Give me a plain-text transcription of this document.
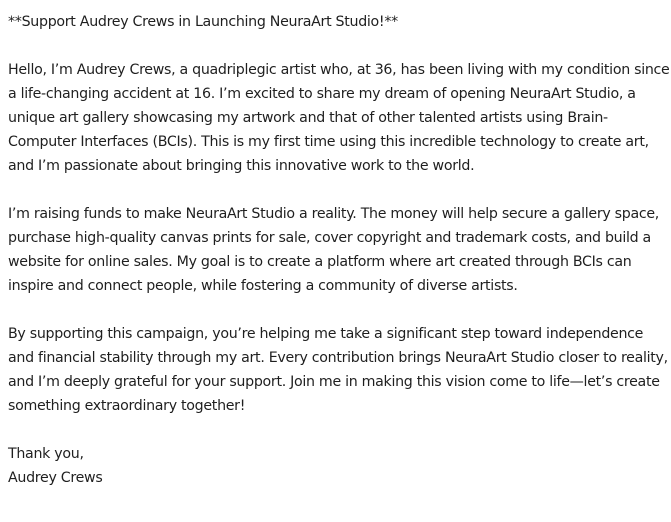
**Support Audrey Crews in Launching NeuraArt Studio!**

Hello, I’m Audrey Crews, a quadriplegic artist who, at 36, has been living with my condition since a life-changing accident at 16. I’m excited to share my dream of opening NeuraArt Studio, a unique art gallery showcasing my artwork and that of other talented artists using Brain-Computer Interfaces (BCIs). This is my first time using this incredible technology to create art, and I’m passionate about bringing this innovative work to the world.

I’m raising funds to make NeuraArt Studio a reality. The money will help secure a gallery space, purchase high-quality canvas prints for sale, cover copyright and trademark costs, and build a website for online sales. My goal is to create a platform where art created through BCIs can inspire and connect people, while fostering a community of diverse artists.

By supporting this campaign, you’re helping me take a significant step toward independence and financial stability through my art. Every contribution brings NeuraArt Studio closer to reality, and I’m deeply grateful for your support. Join me in making this vision come to life—let’s create something extraordinary together!

Thank you,
Audrey Crews
